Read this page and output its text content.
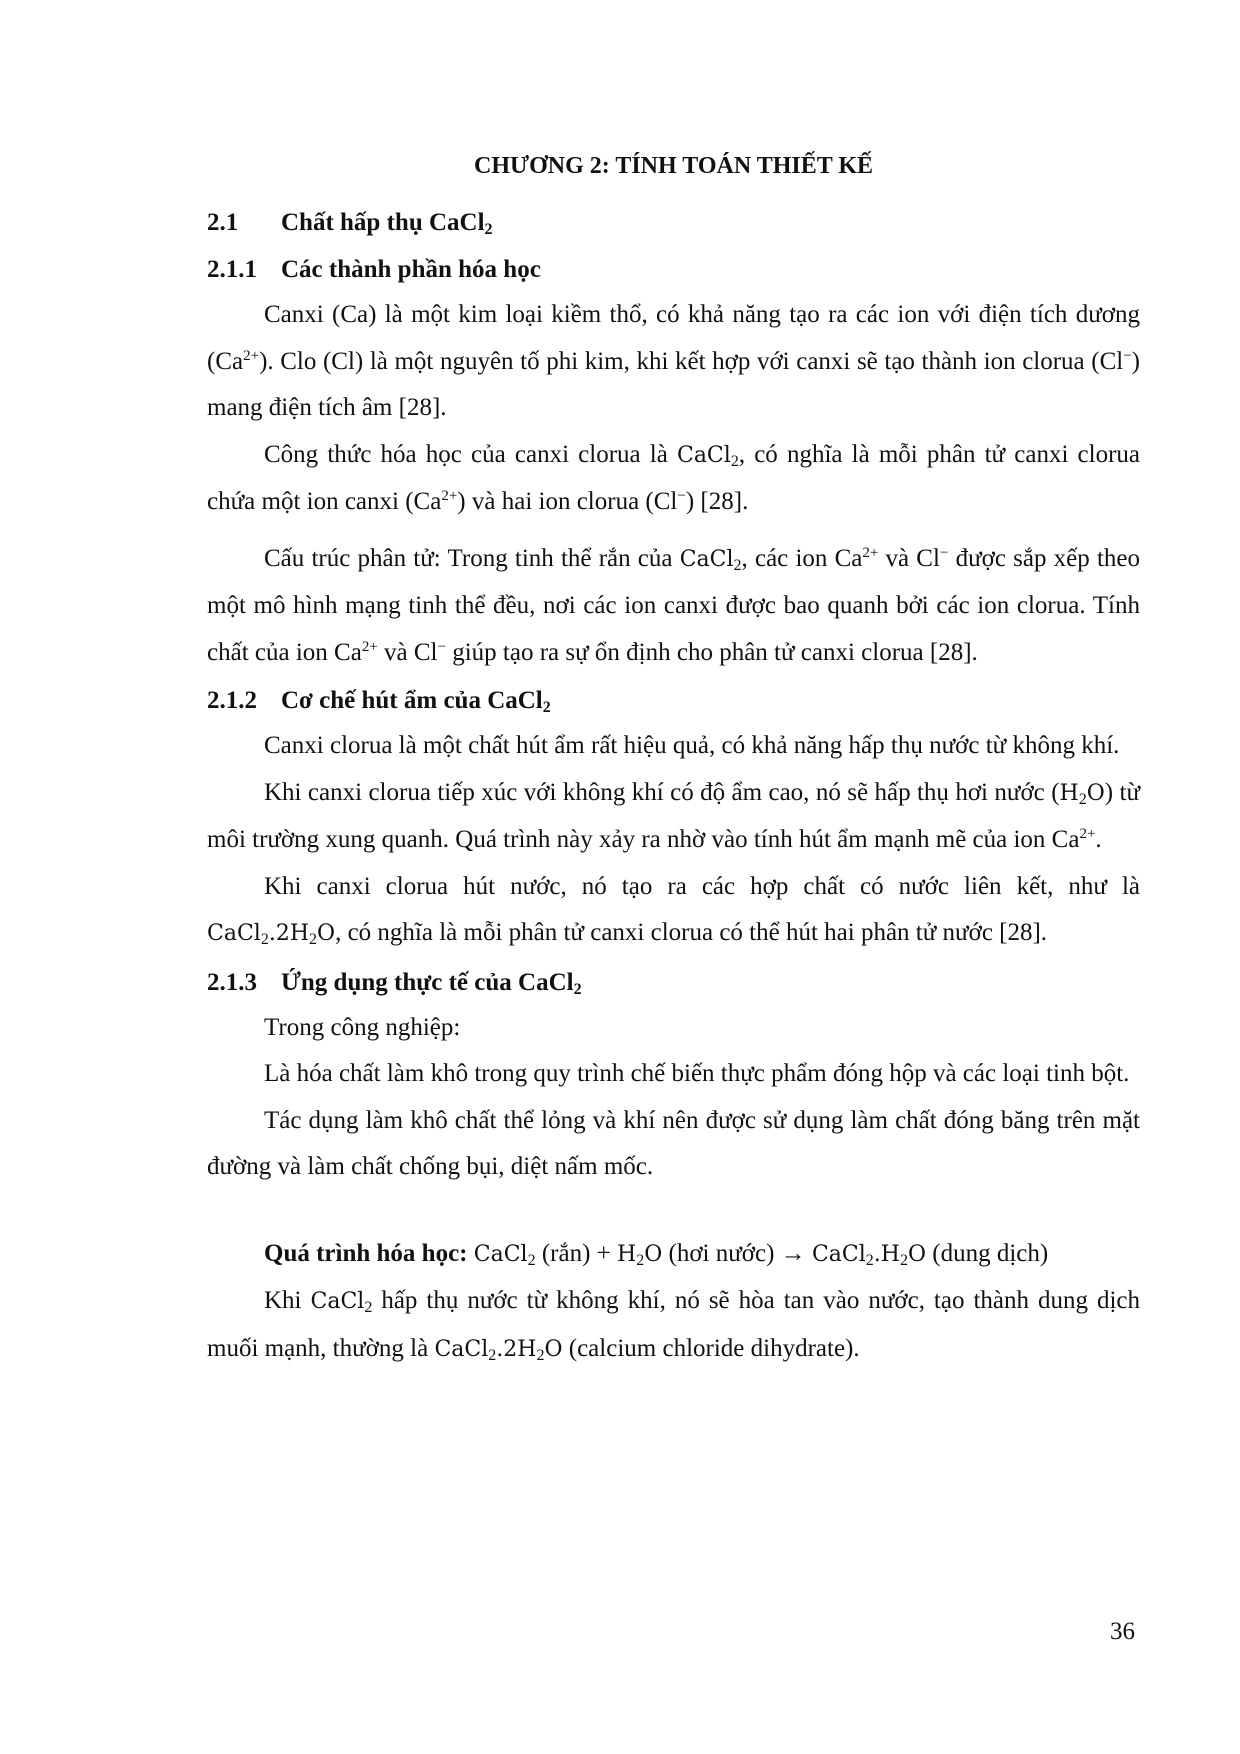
CHƯƠNG 2: TÍNH TOÁN THIẾT KẾ
2.1	Chất hấp thụ CaCl$_2$
2.1.1 Các thành phần hóa học

Canxi (Ca) là một kim loại kiềm thổ, có khả năng tạo ra các ion với điện tích dương $(Ca^{2+})$. Clo (Cl) là một nguyên tố phi kim, khi kết hợp với canxi sẽ tạo thành ion clorua (Cl−) mang điện tích âm [28].

Công thức hóa học của canxi clorua là CaCl$_2$, có nghĩa là mỗi phân tử canxi clorua chứa một ion canxi $(Ca^{2+})$ và hai ion clorua (Cl−) [28].

Cấu trúc phân tử: Trong tinh thể rắn của CaCl$_2$, các ion $Ca^{2+}$ và Cl− được sắp xếp theo một mô hình mạng tinh thể đều, nơi các ion canxi được bao quanh bởi các ion clorua. Tính chất của ion $Ca^{2+}$ và Cl− giúp tạo ra sự ổn định cho phân tử canxi clorua [28].

2.1.2 Cơ chế hút ẩm của CaCl$_2$

Canxi clorua là một chất hút ẩm rất hiệu quả, có khả năng hấp thụ nước từ không khí.

Khi canxi clorua tiếp xúc với không khí có độ ẩm cao, nó sẽ hấp thụ hơi nước $(H_2O)$ từ môi trường xung quanh. Quá trình này xảy ra nhờ vào tính hút ẩm mạnh mẽ của ion $Ca^{2+}$.

Khi canxi clorua hút nước, nó tạo ra các hợp chất có nước liên kết, như là $CaCl_2.2H_2O$, có nghĩa là mỗi phân tử canxi clorua có thể hút hai phân tử nước [28].

2.1.3 Ứng dụng thực tế của CaCl$_2$

Trong công nghiệp:

Là hóa chất làm khô trong quy trình chế biến thực phẩm đóng hộp và các loại tinh bột.

Tác dụng làm khô chất thể lỏng và khí nên được sử dụng làm chất đóng băng trên mặt đường và làm chất chống bụi, diệt nấm mốc.

Quá trình hóa học: CaCl$_2$ (rắn) + $H_2O$ (hơi nước) → $CaCl_2.H_2O$ (dung dịch)

Khi CaCl$_2$ hấp thụ nước từ không khí, nó sẽ hòa tan vào nước, tạo thành dung dịch muối mạnh, thường là $CaCl_2.2H_2O$ (calcium chloride dihydrate).

36
